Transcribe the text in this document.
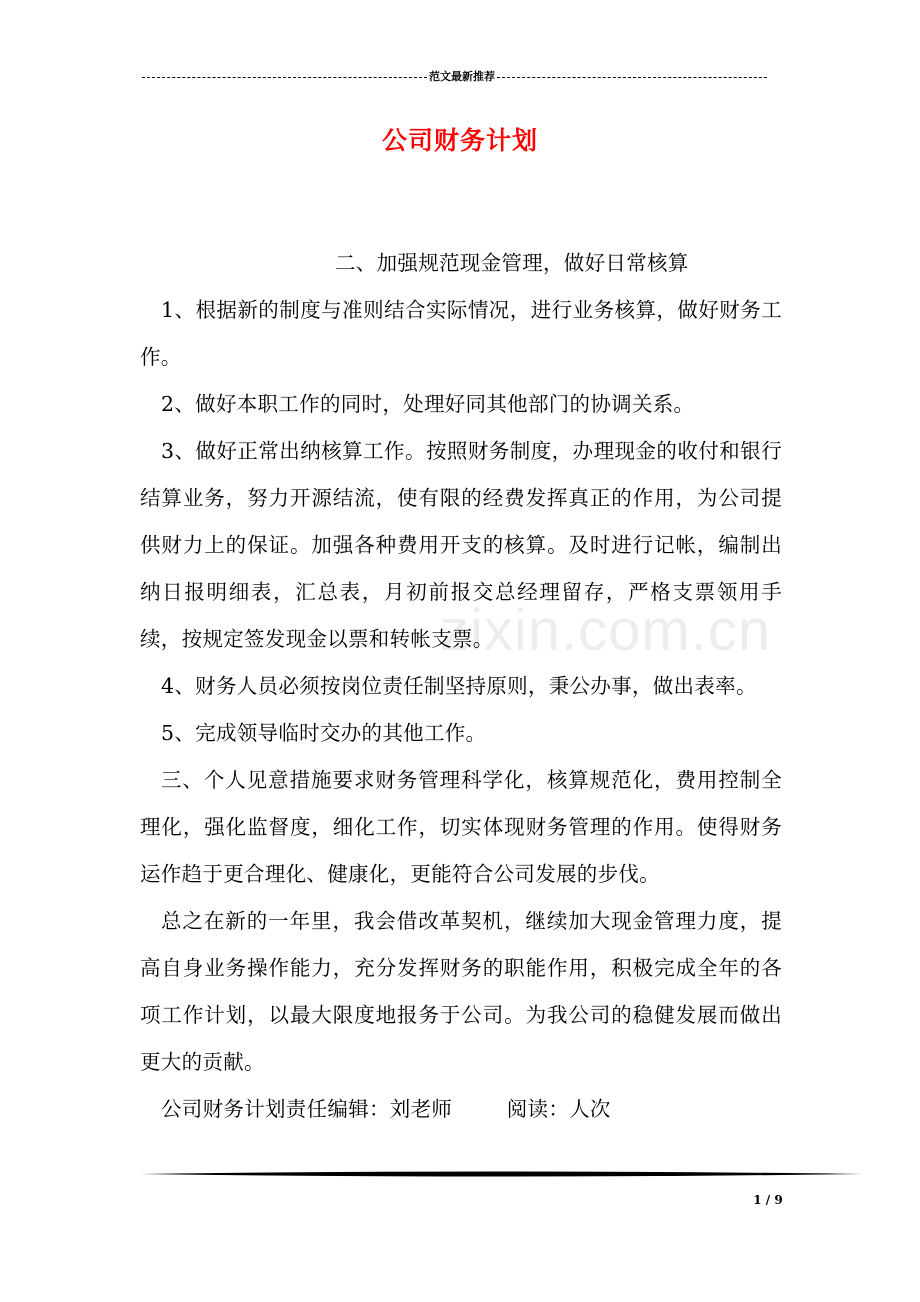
范文最新推荐
公司财务计划
zixin.com.cn

二、加强规范现金管理，做好日常核算

1、根据新的制度与准则结合实际情况，进行业务核算，做好财务工作。

2、做好本职工作的同时，处理好同其他部门的协调关系。

3、做好正常出纳核算工作。按照财务制度，办理现金的收付和银行结算业务，努力开源结流，使有限的经费发挥真正的作用，为公司提供财力上的保证。加强各种费用开支的核算。及时进行记帐，编制出纳日报明细表，汇总表，月初前报交总经理留存，严格支票领用手续，按规定签发现金以票和转帐支票。

4、财务人员必须按岗位责任制坚持原则，秉公办事，做出表率。

5、完成领导临时交办的其他工作。

三、个人见意措施要求财务管理科学化，核算规范化，费用控制全理化，强化监督度，细化工作，切实体现财务管理的作用。使得财务运作趋于更合理化、健康化，更能符合公司发展的步伐。

总之在新的一年里，我会借改革契机，继续加大现金管理力度，提高自身业务操作能力，充分发挥财务的职能作用，积极完成全年的各项工作计划，以最大限度地报务于公司。为我公司的稳健发展而做出更大的贡献。

公司财务计划责任编辑：刘老师        阅读：人次

1 / 9
